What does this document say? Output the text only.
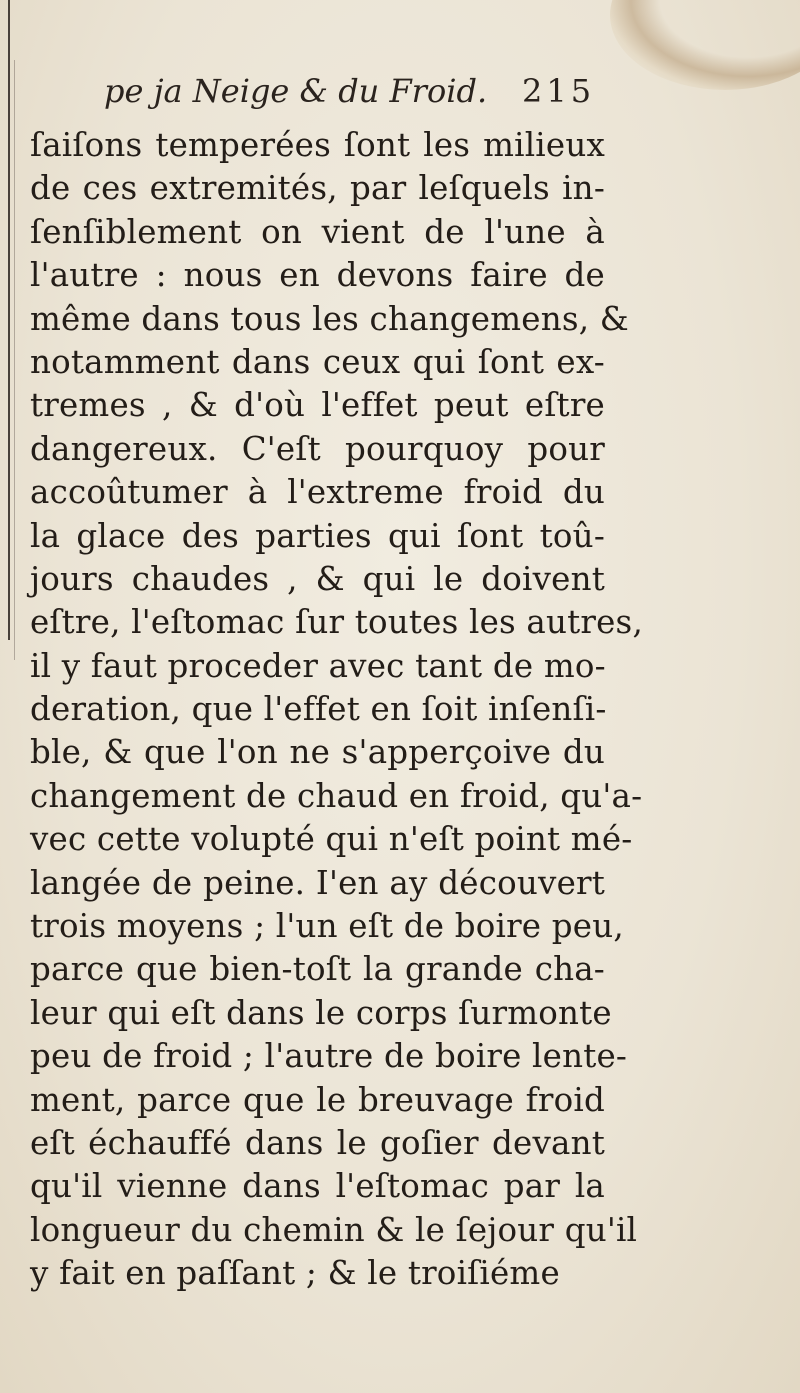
pe ja Neige & du Froid. 215
ſaiſons temperées ſont les milieux
de ces extremités, par leſquels in-
ſenſiblement on vient de l'une à
l'autre : nous en devons faire de
même dans tous les changemens, &
notamment dans ceux qui ſont ex-
tremes , & d'où l'effet peut eſtre
dangereux. C'eſt pourquoy pour
accoûtumer à l'extreme froid du
la glace des parties qui ſont toû-
jours chaudes , & qui le doivent
eſtre, l'eſtomac ſur toutes les autres,
il y faut proceder avec tant de mo-
deration, que l'effet en ſoit inſenſi-
ble, & que l'on ne s'apperçoive du
changement de chaud en froid, qu'a-
vec cette volupté qui n'eſt point mé-
langée de peine. I'en ay découvert
trois moyens ; l'un eſt de boire peu,
parce que bien-toſt la grande cha-
leur qui eſt dans le corps ſurmonte
peu de froid ; l'autre de boire lente-
ment, parce que le breuvage froid
eſt échauffé dans le goſier devant
qu'il vienne dans l'eſtomac par la
longueur du chemin & le ſejour qu'il
y fait en paſſant ; & le troiſiéme
